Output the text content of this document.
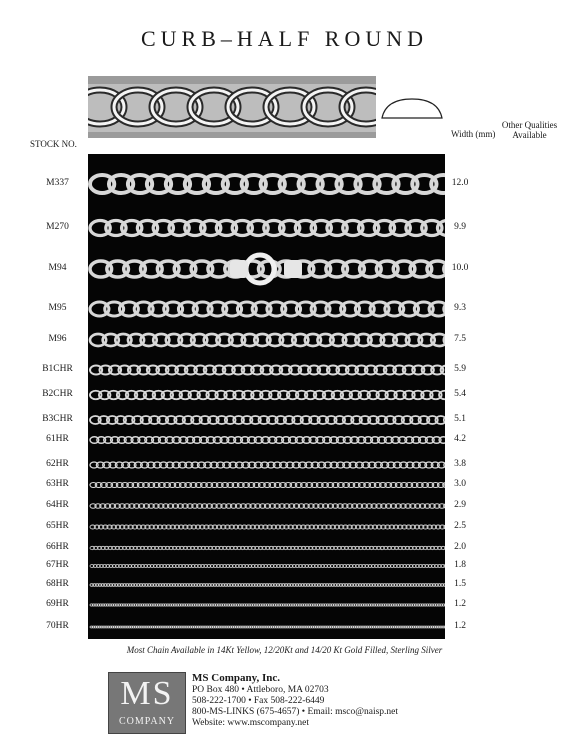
CURB–HALF ROUND
STOCK NO.
Width (mm)
Other Qualities Available
M337	12.0
M270	9.9
M94	10.0
M95	9.3
M96	7.5
B1CHR	5.9
B2CHR	5.4
B3CHR	5.1
61HR	4.2
62HR	3.8
63HR	3.0
64HR	2.9
65HR	2.5
66HR	2.0
67HR	1.8
68HR	1.5
69HR	1.2
70HR	1.2
Most Chain Available in 14Kt Yellow, 12/20Kt and 14/20 Kt Gold Filled, Sterling Silver
MS
COMPANY
MS Company, Inc.
PO Box 480 • Attleboro, MA 02703
508-222-1700 • Fax 508-222-6449
800-MS-LINKS (675-4657) • Email: msco@naisp.net
Website: www.mscompany.net
